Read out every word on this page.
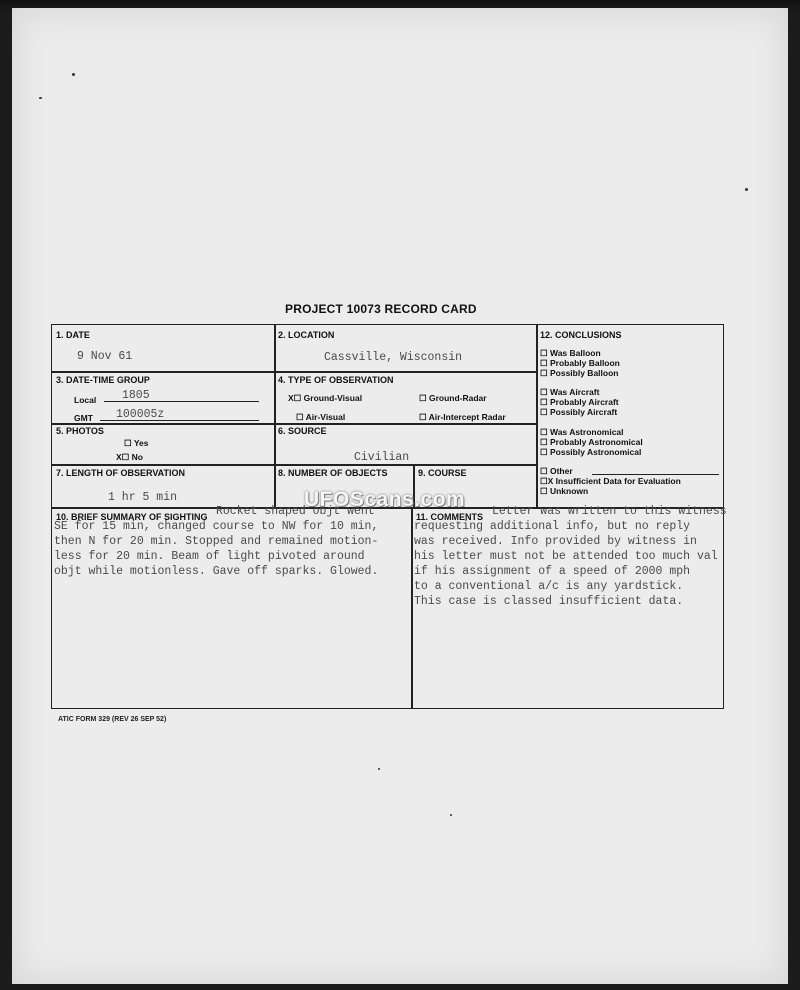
PROJECT 10073 RECORD CARD
1. DATE
9 Nov 61
2. LOCATION
Cassville, Wisconsin
3. DATE-TIME GROUP
Local 1805
GMT 100005z
4. TYPE OF OBSERVATION
X☐ Ground-Visual	☐ Ground-Radar
☐ Air-Visual	☐ Air-Intercept Radar
5. PHOTOS
☐ Yes
X☐ No
6. SOURCE
Civilian
7. LENGTH OF OBSERVATION
1 hr 5 min
8. NUMBER OF OBJECTS	9. COURSE
12. CONCLUSIONS
☐ Was Balloon
☐ Probably Balloon
☐ Possibly Balloon
☐ Was Aircraft
☐ Probably Aircraft
☐ Possibly Aircraft
☐ Was Astronomical
☐ Probably Astronomical
☐ Possibly Astronomical
☐ Other
☐X Insufficient Data for Evaluation
☐ Unknown
10. BRIEF SUMMARY OF SIGHTING Rocket shaped objt went
SE for 15 min, changed course to NW for 10 min,
then N for 20 min. Stopped and remained motion-
less for 20 min. Beam of light pivoted around
objt while motionless. Gave off sparks. Glowed.
11. COMMENTS Letter was written to this witness
requesting additional info, but no reply
was received. Info provided by witness in
his letter must not be attended too much val
if his assignment of a speed of 2000 mph
to a conventional a/c is any yardstick.
This case is classed insufficient data.
UFOScans.com
ATIC FORM 329 (REV 26 SEP 52)
